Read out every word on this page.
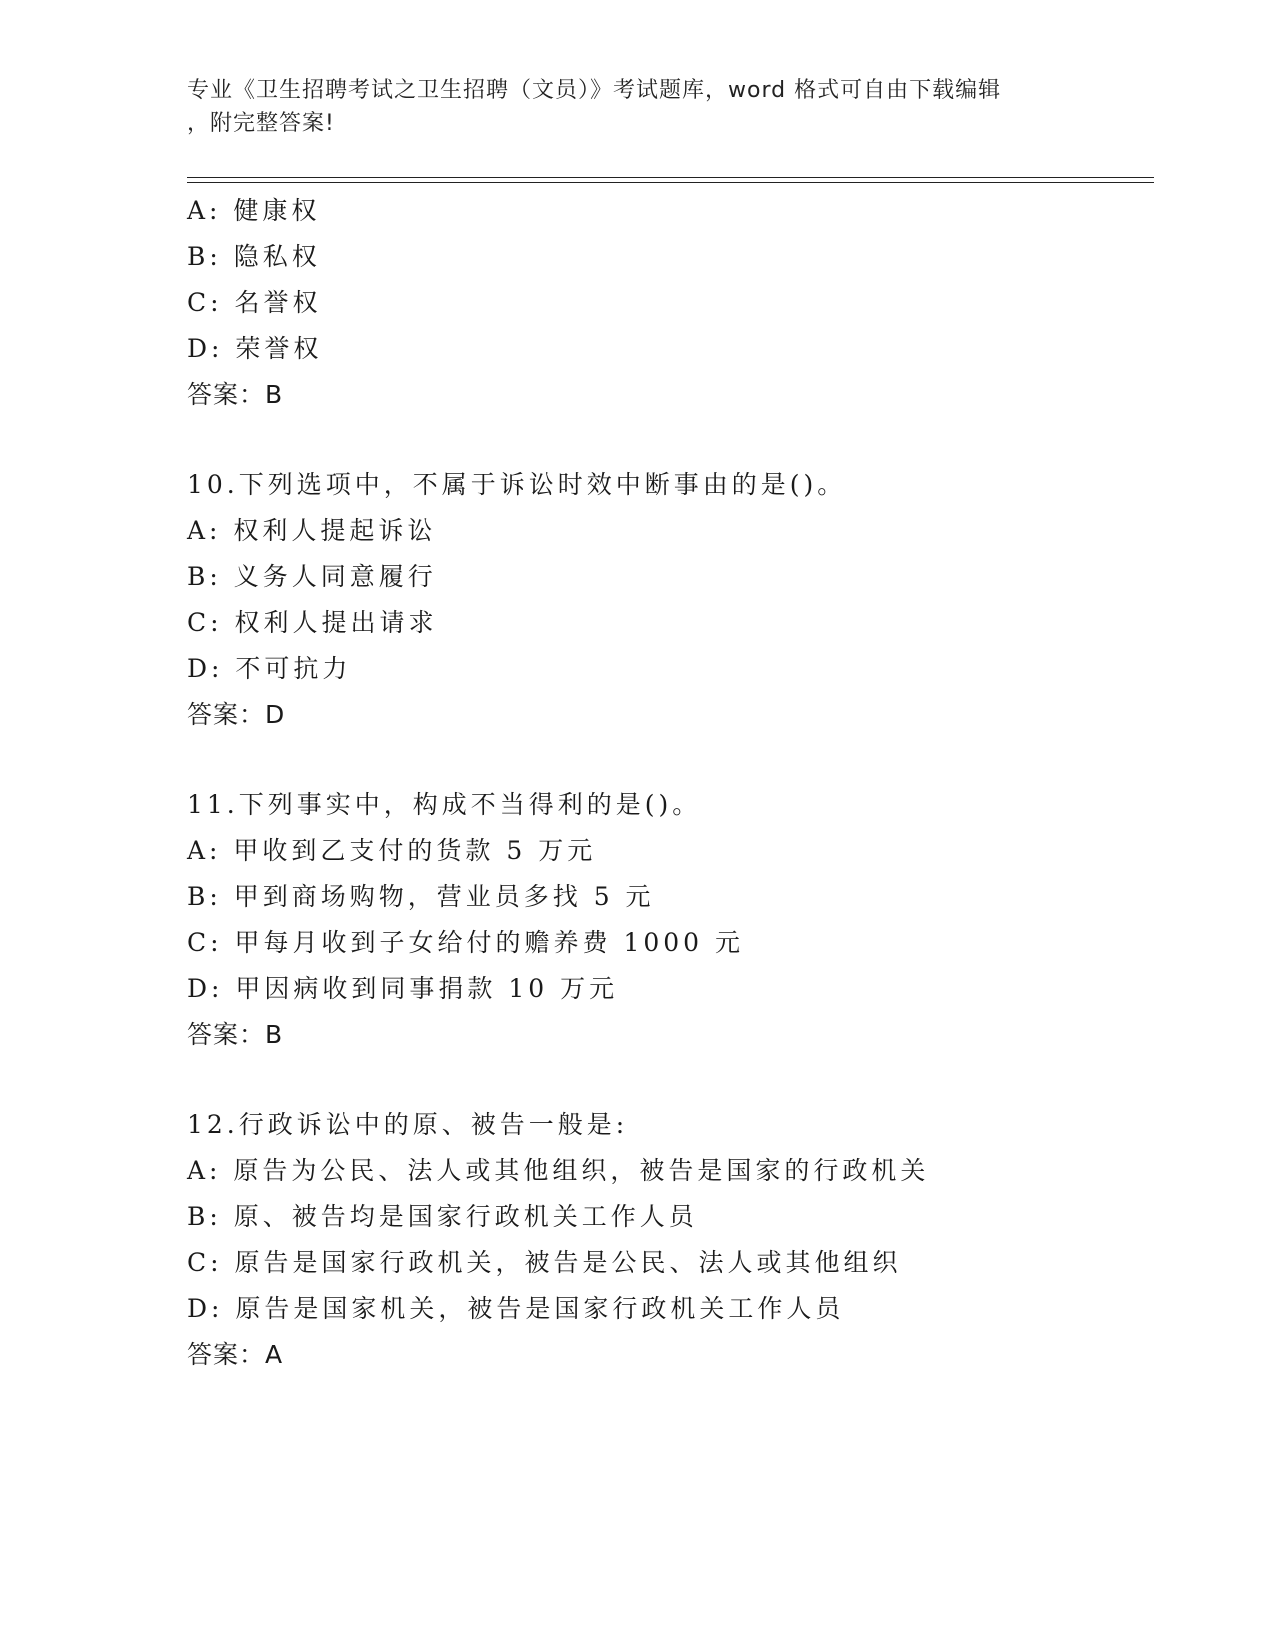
专业《卫生招聘考试之卫生招聘（文员）》考试题库，word 格式可自由下载编辑
，附完整答案!
A: 健康权
B: 隐私权
C: 名誉权
D: 荣誉权
答案：B
10.下列选项中，不属于诉讼时效中断事由的是()。
A: 权利人提起诉讼
B: 义务人同意履行
C: 权利人提出请求
D: 不可抗力
答案：D
11.下列事实中，构成不当得利的是()。
A: 甲收到乙支付的货款 5 万元
B: 甲到商场购物，营业员多找 5 元
C: 甲每月收到子女给付的赡养费 1000 元
D: 甲因病收到同事捐款 10 万元
答案：B
12.行政诉讼中的原、被告一般是:
A: 原告为公民、法人或其他组织，被告是国家的行政机关
B: 原、被告均是国家行政机关工作人员
C: 原告是国家行政机关，被告是公民、法人或其他组织
D: 原告是国家机关，被告是国家行政机关工作人员
答案：A
